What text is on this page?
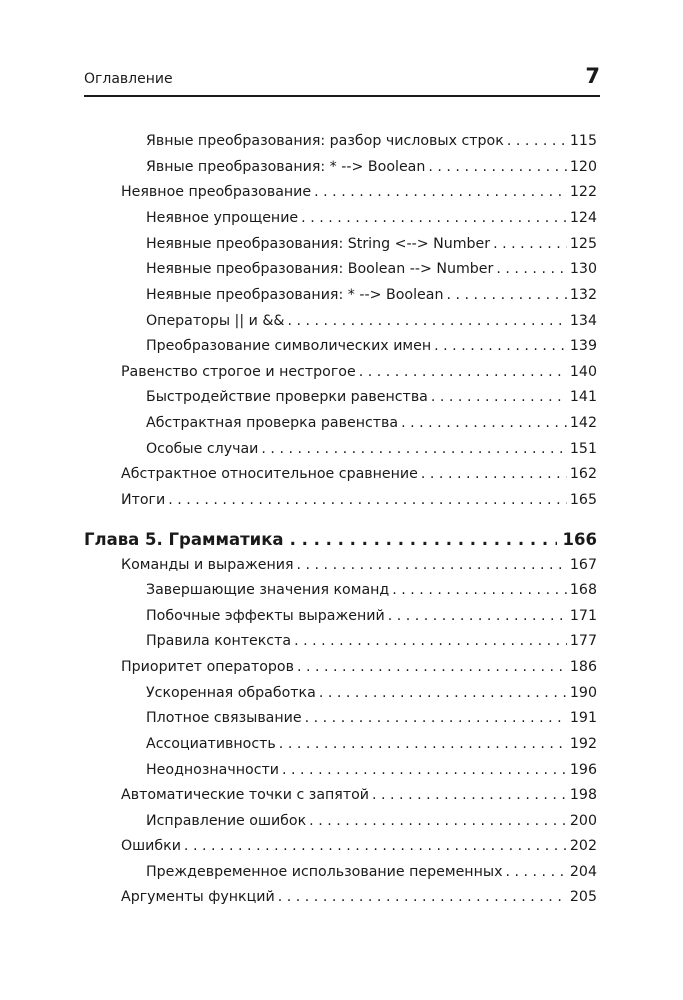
Оглавление	7
Явные преобразования: разбор числовых строк . . .	115
Явные преобразования: * --> Boolean . . .	120
Неявное преобразование . . .	122
Неявное упрощение . . .	124
Неявные преобразования: String <--> Number . . .	125
Неявные преобразования: Boolean --> Number . . .	130
Неявные преобразования: * --> Boolean . . .	132
Операторы || и && . . .	134
Преобразование символических имен . . .	139
Равенство строгое и нестрогое . . .	140
Быстродействие проверки равенства . . .	141
Абстрактная проверка равенства . . .	142
Особые случаи . . .	151
Абстрактное относительное сравнение . . .	162
Итоги . . .	165
Глава 5. Грамматика . . .	166
Команды и выражения . . .	167
Завершающие значения команд . . .	168
Побочные эффекты выражений . . .	171
Правила контекста . . .	177
Приоритет операторов . . .	186
Ускоренная обработка . . .	190
Плотное связывание . . .	191
Ассоциативность . . .	192
Неоднозначности . . .	196
Автоматические точки с запятой . . .	198
Исправление ошибок . . .	200
Ошибки . . .	202
Преждевременное использование переменных . . .	204
Аргументы функций . . .	205
